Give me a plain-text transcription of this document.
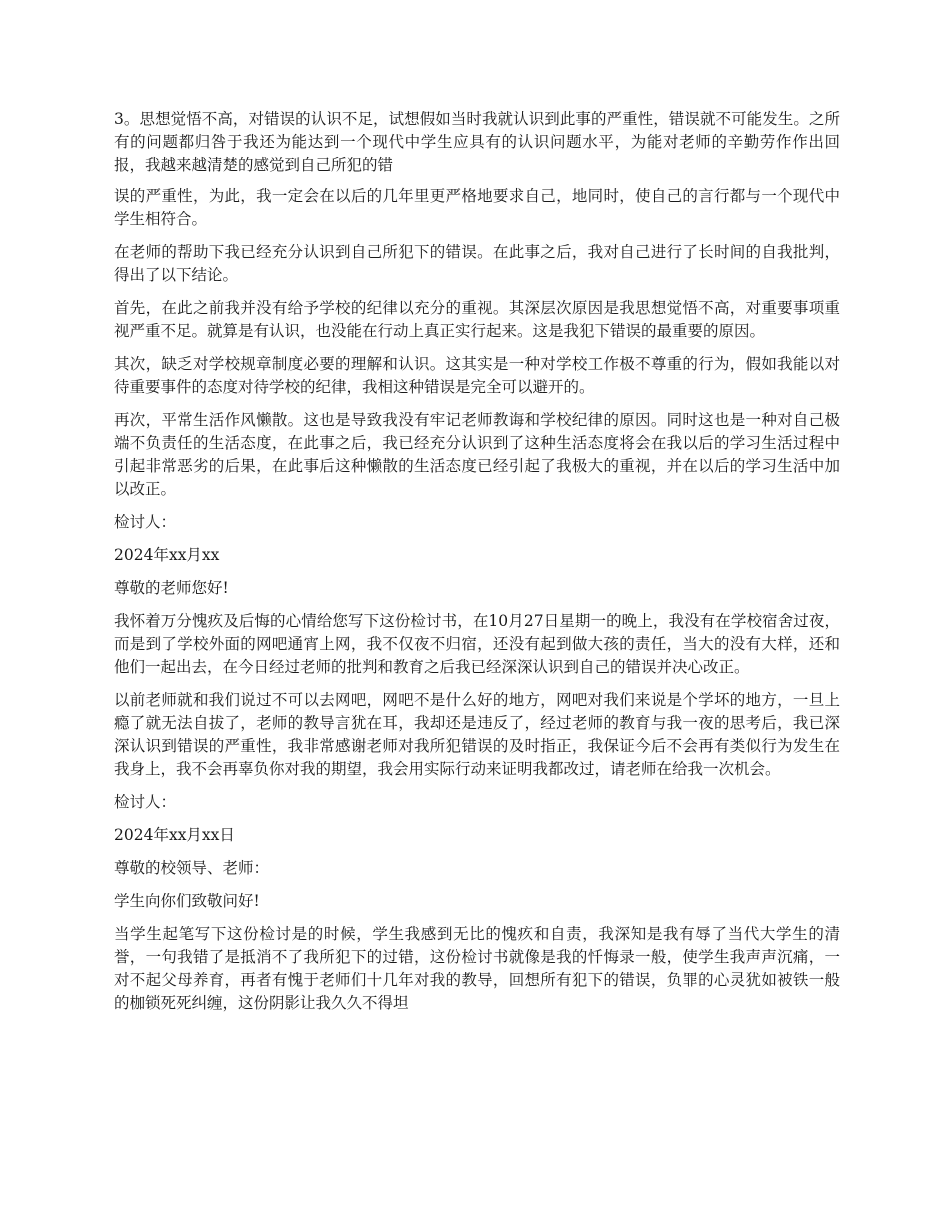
3。思想觉悟不高，对错误的认识不足，试想假如当时我就认识到此事的严重性，错误就不可能发生。之所有的问题都归咎于我还为能达到一个现代中学生应具有的认识问题水平，为能对老师的辛勤劳作作出回报，我越来越清楚的感觉到自己所犯的错

误的严重性，为此，我一定会在以后的几年里更严格地要求自己，地同时，使自己的言行都与一个现代中学生相符合。

在老师的帮助下我已经充分认识到自己所犯下的错误。在此事之后，我对自己进行了长时间的自我批判，得出了以下结论。

首先，在此之前我并没有给予学校的纪律以充分的重视。其深层次原因是我思想觉悟不高，对重要事项重视严重不足。就算是有认识，也没能在行动上真正实行起来。这是我犯下错误的最重要的原因。

其次，缺乏对学校规章制度必要的理解和认识。这其实是一种对学校工作极不尊重的行为，假如我能以对待重要事件的态度对待学校的纪律，我相这种错误是完全可以避开的。

再次，平常生活作风懒散。这也是导致我没有牢记老师教诲和学校纪律的原因。同时这也是一种对自己极端不负责任的生活态度，在此事之后，我已经充分认识到了这种生活态度将会在我以后的学习生活过程中引起非常恶劣的后果，在此事后这种懒散的生活态度已经引起了我极大的重视，并在以后的学习生活中加以改正。

检讨人：

2024年xx月xx

尊敬的老师您好!

我怀着万分愧疚及后悔的心情给您写下这份检讨书，在10月27日星期一的晚上，我没有在学校宿舍过夜，而是到了学校外面的网吧通宵上网，我不仅夜不归宿，还没有起到做大孩的责任，当大的没有大样，还和他们一起出去，在今日经过老师的批判和教育之后我已经深深认识到自己的错误并决心改正。

以前老师就和我们说过不可以去网吧，网吧不是什么好的地方，网吧对我们来说是个学坏的地方，一旦上瘾了就无法自拔了，老师的教导言犹在耳，我却还是违反了，经过老师的教育与我一夜的思考后，我已深深认识到错误的严重性，我非常感谢老师对我所犯错误的及时指正，我保证今后不会再有类似行为发生在我身上，我不会再辜负你对我的期望，我会用实际行动来证明我都改过，请老师在给我一次机会。

检讨人：

2024年xx月xx日

尊敬的校领导、老师：

学生向你们致敬问好!

当学生起笔写下这份检讨是的时候，学生我感到无比的愧疚和自责，我深知是我有辱了当代大学生的清誉，一句我错了是抵消不了我所犯下的过错，这份检讨书就像是我的忏悔录一般，使学生我声声沉痛，一对不起父母养育，再者有愧于老师们十几年对我的教导，回想所有犯下的错误，负罪的心灵犹如被铁一般的枷锁死死纠缠，这份阴影让我久久不得坦
